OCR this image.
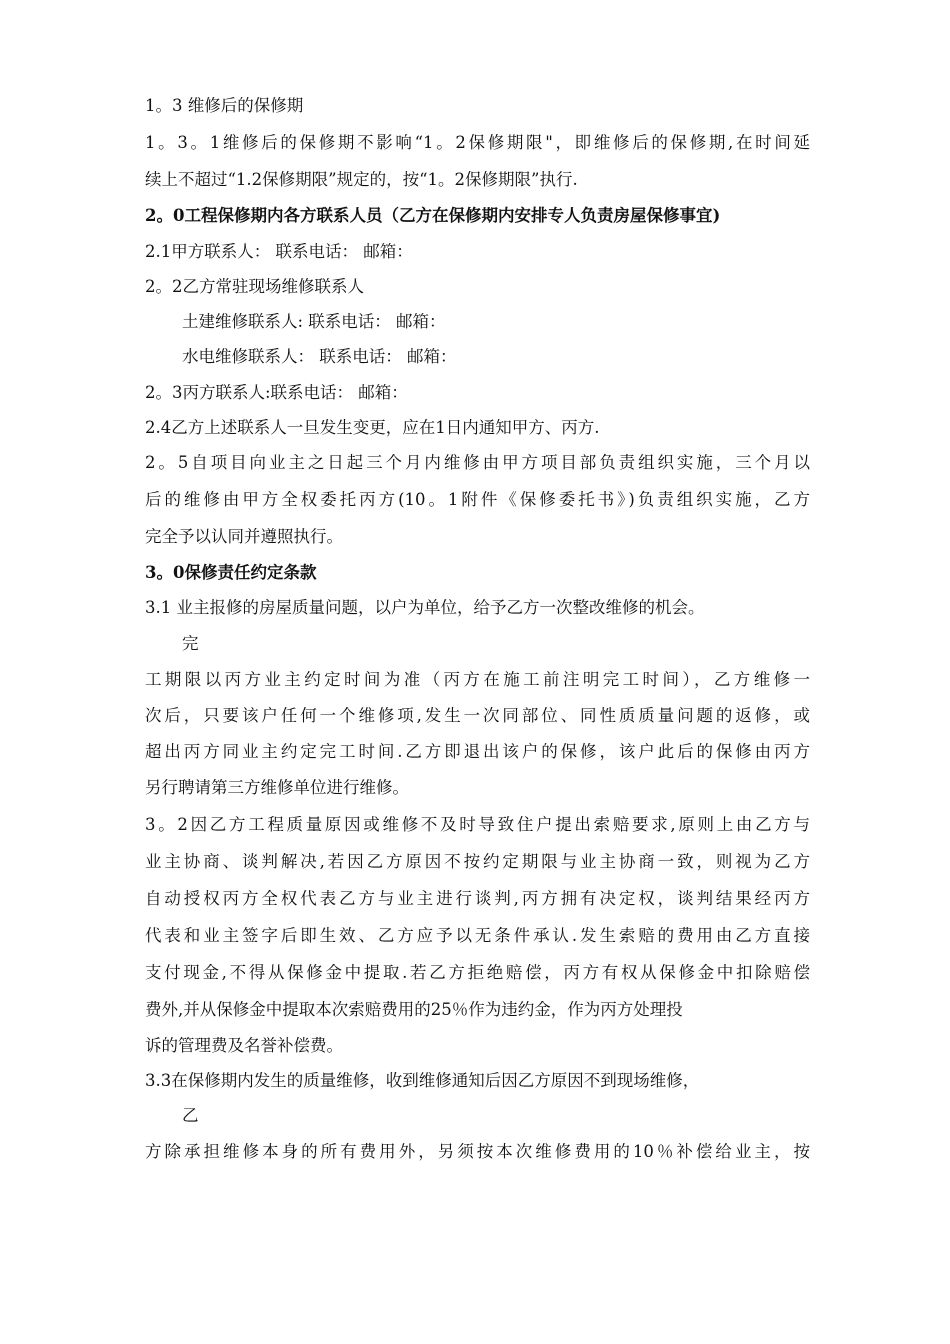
1。3 维修后的保修期
1。3。1维修后的保修期不影响“1。2保修期限"，即维修后的保修期,在时间延
续上不超过“1.2保修期限”规定的，按“1。2保修期限”执行.
2。0工程保修期内各方联系人员（乙方在保修期内安排专人负责房屋保修事宜)
2.1甲方联系人： 联系电话： 邮箱：
2。2乙方常驻现场维修联系人
土建维修联系人: 联系电话： 邮箱：
水电维修联系人： 联系电话： 邮箱：
2。3丙方联系人:联系电话： 邮箱：
2.4乙方上述联系人一旦发生变更，应在1日内通知甲方、丙方.
2。5自项目向业主之日起三个月内维修由甲方项目部负责组织实施，三个月以
后的维修由甲方全权委托丙方(10。1附件《保修委托书》)负责组织实施，乙方
完全予以认同并遵照执行。
3。0保修责任约定条款
3.1 业主报修的房屋质量问题，以户为单位，给予乙方一次整改维修的机会。
完
工期限以丙方业主约定时间为准（丙方在施工前注明完工时间），乙方维修一
次后，只要该户任何一个维修项,发生一次同部位、同性质质量问题的返修，或
超出丙方同业主约定完工时间.乙方即退出该户的保修，该户此后的保修由丙方
另行聘请第三方维修单位进行维修。
3。2因乙方工程质量原因或维修不及时导致住户提出索赔要求,原则上由乙方与
业主协商、谈判解决,若因乙方原因不按约定期限与业主协商一致，则视为乙方
自动授权丙方全权代表乙方与业主进行谈判,丙方拥有决定权，谈判结果经丙方
代表和业主签字后即生效、乙方应予以无条件承认.发生索赔的费用由乙方直接
支付现金,不得从保修金中提取.若乙方拒绝赔偿，丙方有权从保修金中扣除赔偿
费外,并从保修金中提取本次索赔费用的25％作为违约金，作为丙方处理投
诉的管理费及名誉补偿费。
3.3在保修期内发生的质量维修，收到维修通知后因乙方原因不到现场维修，
乙
方除承担维修本身的所有费用外，另须按本次维修费用的10％补偿给业主，按
